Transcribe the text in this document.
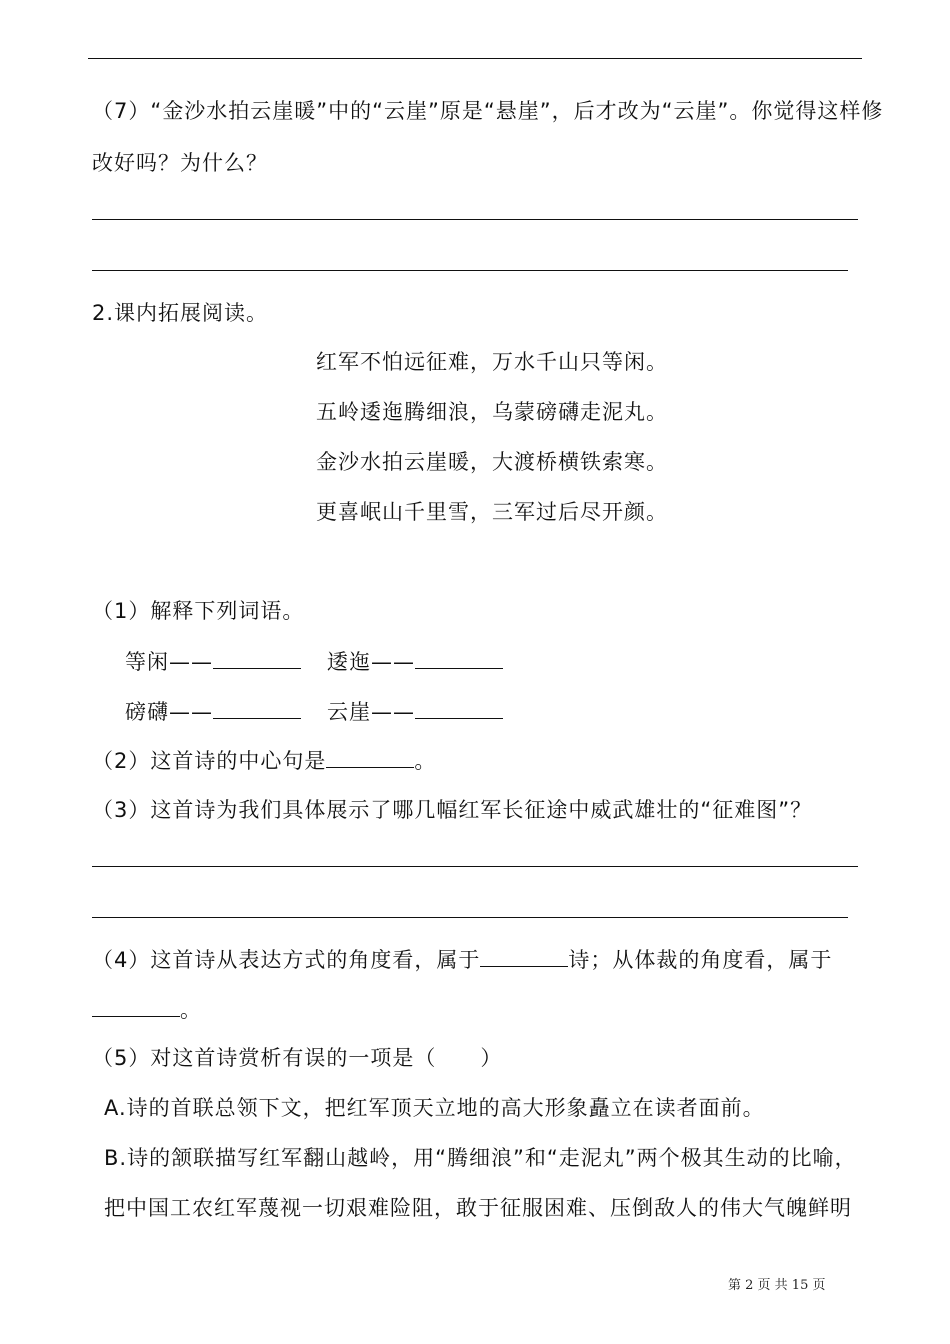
（7）“金沙水拍云崖暖”中的“云崖”原是“悬崖”，后才改为“云崖”。你觉得这样修
改好吗？为什么？
2.课内拓展阅读。
红军不怕远征难，万水千山只等闲。
五岭逶迤腾细浪，乌蒙磅礴走泥丸。
金沙水拍云崖暖，大渡桥横铁索寒。
更喜岷山千里雪，三军过后尽开颜。
（1）解释下列词语。
等闲——	逶迤——
磅礴——	云崖——
（2）这首诗的中心句是	。
（3）这首诗为我们具体展示了哪几幅红军长征途中威武雄壮的“征难图”？
（4）这首诗从表达方式的角度看，属于	诗；从体裁的角度看，属于
。
（5）对这首诗赏析有误的一项是（　　）
A.诗的首联总领下文，把红军顶天立地的高大形象矗立在读者面前。
B.诗的颔联描写红军翻山越岭，用“腾细浪”和“走泥丸”两个极其生动的比喻，
把中国工农红军蔑视一切艰难险阻，敢于征服困难、压倒敌人的伟大气魄鲜明
第 2 页 共 15 页
